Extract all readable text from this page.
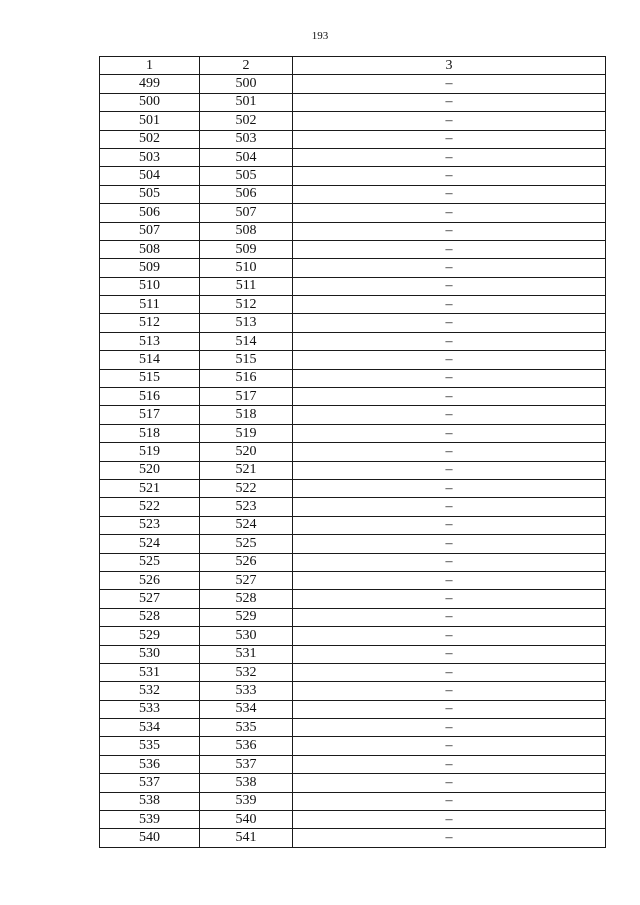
193
1	2	3
499	500	–
500	501	–
501	502	–
502	503	–
503	504	–
504	505	–
505	506	–
506	507	–
507	508	–
508	509	–
509	510	–
510	511	–
511	512	–
512	513	–
513	514	–
514	515	–
515	516	–
516	517	–
517	518	–
518	519	–
519	520	–
520	521	–
521	522	–
522	523	–
523	524	–
524	525	–
525	526	–
526	527	–
527	528	–
528	529	–
529	530	–
530	531	–
531	532	–
532	533	–
533	534	–
534	535	–
535	536	–
536	537	–
537	538	–
538	539	–
539	540	–
540	541	–
